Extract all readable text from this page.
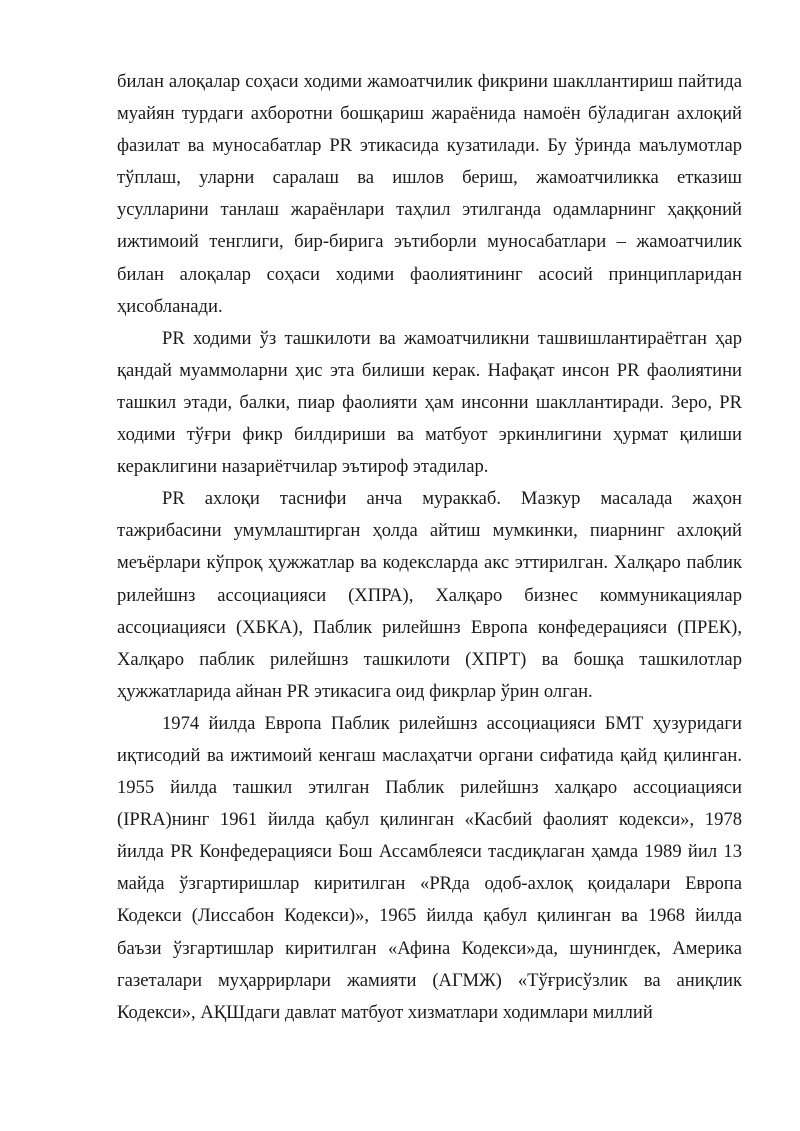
билан алоқалар соҳаси ходими жамоатчилик фикрини шакллантириш пайтида муайян турдаги ахборотни бошқариш жараёнида намоён бўладиган ахлоқий фазилат ва муносабатлар PR этикасида кузатилади. Бу ўринда маълумотлар тўплаш, уларни саралаш ва ишлов бериш, жамоатчиликка етказиш усулларини танлаш жараёнлари таҳлил этилганда одамларнинг ҳаққоний ижтимоий тенглиги, бир-бирига эътиборли муносабатлари – жамоатчилик билан алоқалар соҳаси ходими фаолиятининг асосий принципларидан ҳисобланади.

PR ходими ўз ташкилоти ва жамоатчиликни ташвишлантираётган ҳар қандай муаммоларни ҳис эта билиши керак. Нафақат инсон PR фаолиятини ташкил этади, балки, пиар фаолияти ҳам инсонни шакллантиради. Зеро, PR ходими тўғри фикр билдириши ва матбуот эркинлигини ҳурмат қилиши кераклигини назариётчилар эътироф этадилар.

PR ахлоқи таснифи анча мураккаб. Мазкур масалада жаҳон тажрибасини умумлаштирган ҳолда айтиш мумкинки, пиарнинг ахлоқий меъёрлари кўпроқ ҳужжатлар ва кодексларда акс эттирилган. Халқаро паблик рилейшнз ассоциацияси (ХПРА), Халқаро бизнес коммуникациялар ассоциацияси (ХБКА), Паблик рилейшнз Европа конфедерацияси (ПРЕК), Халқаро паблик рилейшнз ташкилоти (ХПРТ) ва бошқа ташкилотлар ҳужжатларида айнан PR этикасига оид фикрлар ўрин олган.

1974 йилда Европа Паблик рилейшнз ассоциацияси БМТ ҳузуридаги иқтисодий ва ижтимоий кенгаш маслаҳатчи органи сифатида қайд қилинган. 1955 йилда ташкил этилган Паблик рилейшнз халқаро ассоциацияси (IPRA)нинг 1961 йилда қабул қилинган «Касбий фаолият кодекси», 1978 йилда PR Конфедерацияси Бош Ассамблеяси тасдиқлаган ҳамда 1989 йил 13 майда ўзгартиришлар киритилган «PRда одоб-ахлоқ қоидалари Европа Кодекси (Лиссабон Кодекси)», 1965 йилда қабул қилинган ва 1968 йилда баъзи ўзгартишлар киритилган «Афина Кодекси»да, шунингдек, Америка газеталари муҳаррирлари жамияти (АГМЖ) «Тўғрисўзлик ва аниқлик Кодекси», АҚШдаги давлат матбуот хизматлари ходимлари миллий
